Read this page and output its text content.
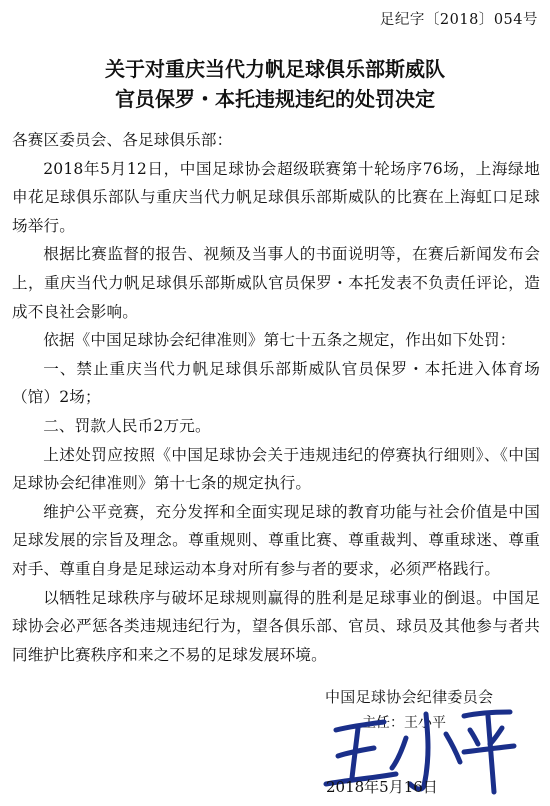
足纪字〔2018〕054号
关于对重庆当代力帆足球俱乐部斯威队
官员保罗・本托违规违纪的处罚决定

各赛区委员会、各足球俱乐部：

2018年5月12日，中国足球协会超级联赛第十轮场序76场，上海绿地申花足球俱乐部队与重庆当代力帆足球俱乐部斯威队的比赛在上海虹口足球场举行。

根据比赛监督的报告、视频及当事人的书面说明等，在赛后新闻发布会上，重庆当代力帆足球俱乐部斯威队官员保罗・本托发表不负责任评论，造成不良社会影响。

依据《中国足球协会纪律准则》第七十五条之规定，作出如下处罚：

一、禁止重庆当代力帆足球俱乐部斯威队官员保罗・本托进入体育场（馆）2场；

二、罚款人民币2万元。

上述处罚应按照《中国足球协会关于违规违纪的停赛执行细则》、《中国足球协会纪律准则》第十七条的规定执行。

维护公平竞赛，充分发挥和全面实现足球的教育功能与社会价值是中国足球发展的宗旨及理念。尊重规则、尊重比赛、尊重裁判、尊重球迷、尊重对手、尊重自身是足球运动本身对所有参与者的要求，必须严格践行。

以牺牲足球秩序与破坏足球规则赢得的胜利是足球事业的倒退。中国足球协会必严惩各类违规违纪行为，望各俱乐部、官员、球员及其他参与者共同维护比赛秩序和来之不易的足球发展环境。

中国足球协会纪律委员会
主任：王小平
2018年5月16日
